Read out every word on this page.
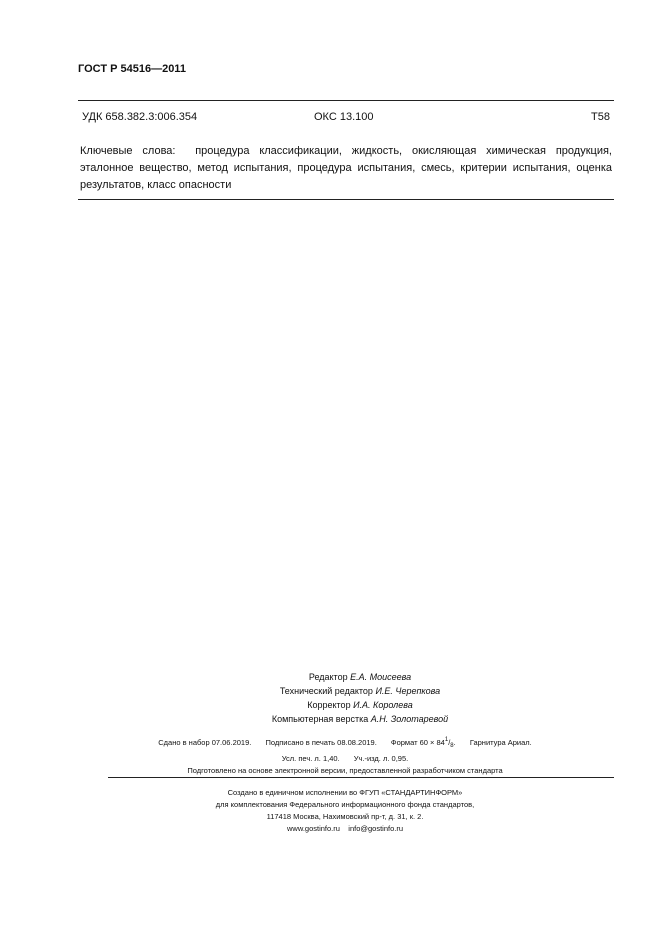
ГОСТ Р 54516—2011
УДК 658.382.3:006.354	ОКС 13.100	T58
Ключевые слова: процедура классификации, жидкость, окисляющая химическая продукция, эталонное вещество, метод испытания, процедура испытания, смесь, критерии испытания, оценка результатов, класс опасности
Редактор Е.А. Моисеева
Технический редактор И.Е. Черепкова
Корректор И.А. Королева
Компьютерная верстка А.Н. Золотаревой
Сдано в набор 07.06.2019. Подписано в печать 08.08.2019. Формат $60 \times 84^1/_8$. Гарнитура Ариал.
Усл. печ. л. 1,40. Уч.-изд. л. 0,95.
Подготовлено на основе электронной версии, предоставленной разработчиком стандарта
Создано в единичном исполнении во ФГУП «СТАНДАРТИНФОРМ»
для комплектования Федерального информационного фонда стандартов,
117418 Москва, Нахимовский пр-т, д. 31, к. 2.
www.gostinfo.ru info@gostinfo.ru
